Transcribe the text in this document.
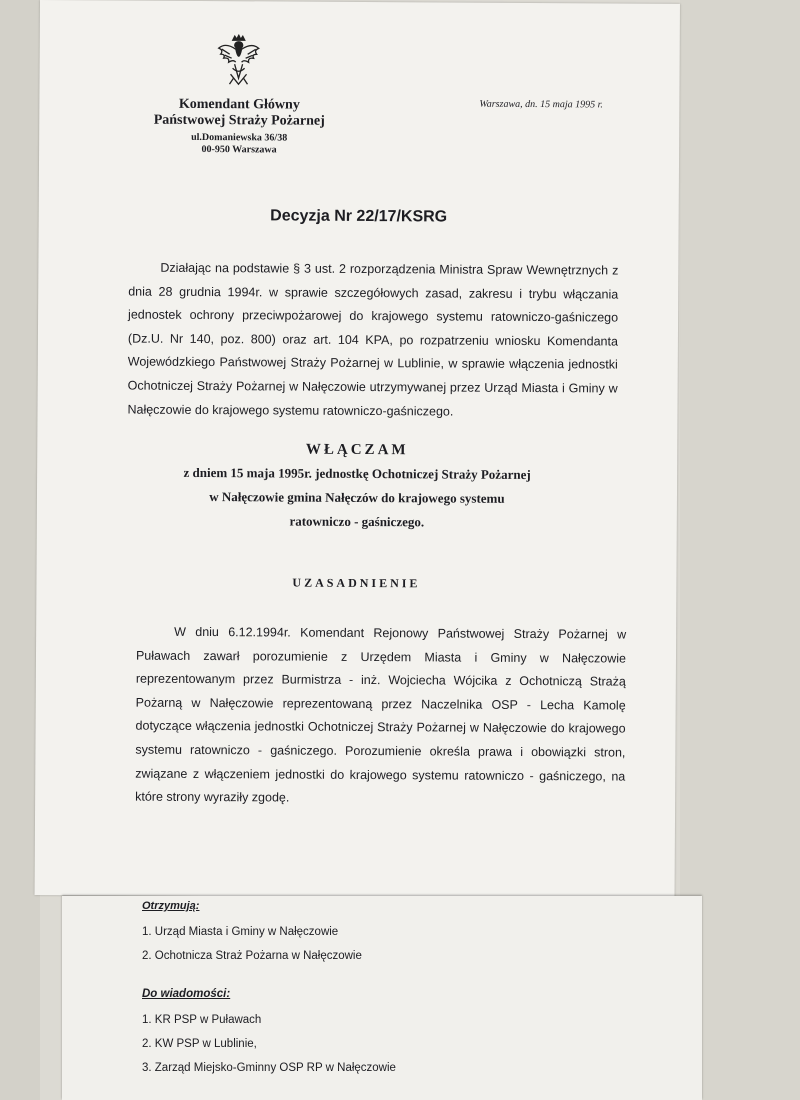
Komendant Główny
Państwowej Straży Pożarnej
ul.Domaniewska 36/38
00-950 Warszawa
Warszawa, dn. 15 maja 1995 r.
Decyzja Nr 22/17/KSRG
Działając na podstawie § 3 ust. 2 rozporządzenia Ministra Spraw Wewnętrznych z dnia 28 grudnia 1994r. w sprawie szczegółowych zasad, zakresu i trybu włączania jednostek ochrony przeciwpożarowej do krajowego systemu ratowniczo-gaśniczego (Dz.U. Nr 140, poz. 800) oraz art. 104 KPA, po rozpatrzeniu wniosku Komendanta Wojewódzkiego Państwowej Straży Pożarnej w Lublinie, w sprawie włączenia jednostki Ochotniczej Straży Pożarnej w Nałęczowie utrzymywanej przez Urząd Miasta i Gminy w Nałęczowie do krajowego systemu ratowniczo-gaśniczego.
WŁĄCZAM
z dniem 15 maja 1995r. jednostkę Ochotniczej Straży Pożarnej
w Nałęczowie gmina Nałęczów do krajowego systemu
ratowniczo - gaśniczego.
UZASADNIENIE
W dniu 6.12.1994r. Komendant Rejonowy Państwowej Straży Pożarnej w Puławach zawarł porozumienie z Urzędem Miasta i Gminy w Nałęczowie reprezentowanym przez Burmistrza - inż. Wojciecha Wójcika z Ochotniczą Strażą Pożarną w Nałęczowie reprezentowaną przez Naczelnika OSP - Lecha Kamolę dotyczące włączenia jednostki Ochotniczej Straży Pożarnej w Nałęczowie do krajowego systemu ratowniczo - gaśniczego. Porozumienie określa prawa i obowiązki stron, związane z włączeniem jednostki do krajowego systemu ratowniczo - gaśniczego, na które strony wyraziły zgodę.
Otrzymują:
1. Urząd Miasta i Gminy w Nałęczowie
2. Ochotnicza Straż Pożarna w Nałęczowie
Do wiadomości:
1. KR PSP w Puławach
2. KW PSP w Lublinie,
3. Zarząd Miejsko-Gminny OSP RP w Nałęczowie
